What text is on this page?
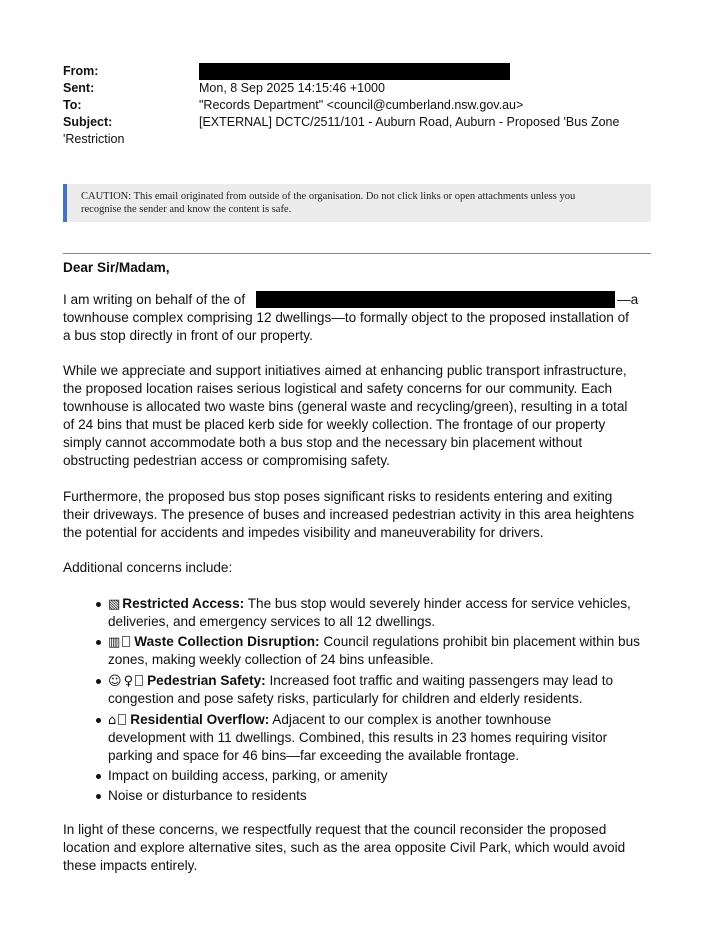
From:
Sent:	Mon, 8 Sep 2025 14:15:46 +1000
To:	"Records Department" <council@cumberland.nsw.gov.au>
Subject:	[EXTERNAL] DCTC/2511/101 - Auburn Road, Auburn - Proposed 'Bus Zone
'Restriction
CAUTION: This email originated from outside of the organisation. Do not click links or open attachments unless you
recognise the sender and know the content is safe.
Dear Sir/Madam,
I am writing on behalf of the of	—a
townhouse complex comprising 12 dwellings—to formally object to the proposed installation of
a bus stop directly in front of our property.
While we appreciate and support initiatives aimed at enhancing public transport infrastructure,
the proposed location raises serious logistical and safety concerns for our community. Each
townhouse is allocated two waste bins (general waste and recycling/green), resulting in a total
of 24 bins that must be placed kerb side for weekly collection. The frontage of our property
simply cannot accommodate both a bus stop and the necessary bin placement without
obstructing pedestrian access or compromising safety.
Furthermore, the proposed bus stop poses significant risks to residents entering and exiting
their driveways. The presence of buses and increased pedestrian activity in this area heightens
the potential for accidents and impedes visibility and maneuverability for drivers.
Additional concerns include:
▧ Restricted Access: The bus stop would severely hinder access for service vehicles,
deliveries, and emergency services to all 12 dwellings.
▥ Waste Collection Disruption: Council regulations prohibit bin placement within bus
zones, making weekly collection of 24 bins unfeasible.
☺ ♀ Pedestrian Safety: Increased foot traffic and waiting passengers may lead to
congestion and pose safety risks, particularly for children and elderly residents.
⌂ Residential Overflow: Adjacent to our complex is another townhouse
development with 11 dwellings. Combined, this results in 23 homes requiring visitor
parking and space for 46 bins—far exceeding the available frontage.
Impact on building access, parking, or amenity
Noise or disturbance to residents
In light of these concerns, we respectfully request that the council reconsider the proposed
location and explore alternative sites, such as the area opposite Civil Park, which would avoid
these impacts entirely.
